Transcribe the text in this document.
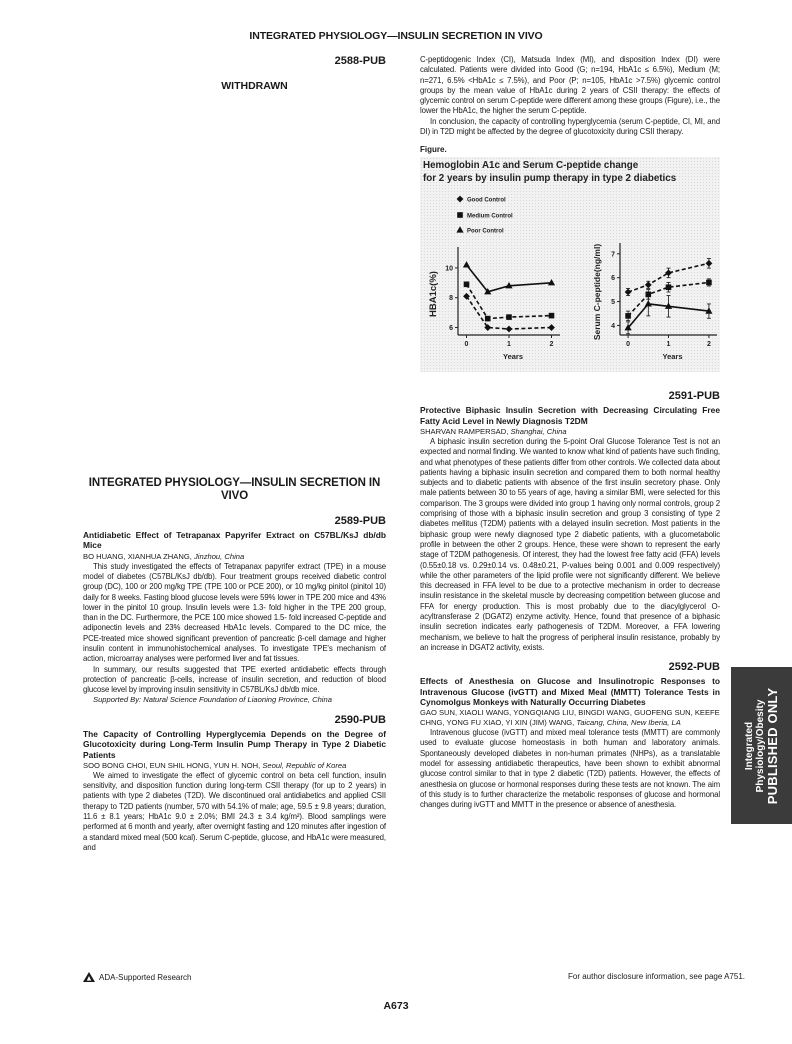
INTEGRATED PHYSIOLOGY—INSULIN SECRETION IN VIVO
2588-PUB
WITHDRAWN
INTEGRATED PHYSIOLOGY—INSULIN SECRETION IN VIVO
2589-PUB
Antidiabetic Effect of Tetrapanax Papyrifer Extract on C57BL/KsJ db/db Mice
BO HUANG, XIANHUA ZHANG, Jinzhou, China

This study investigated the effects of Tetrapanax papyrifer extract (TPE) in a mouse model of diabetes (C57BL/KsJ db/db). Four treatment groups received diabetic control group (DC), 100 or 200 mg/kg TPE (TPE 100 or PCE 200), or 10 mg/kg pinitol (pinitol 10) daily for 8 weeks. Fasting blood glucose levels were 59% lower in TPE 200 mice and 43% lower in the pinitol 10 group. Insulin levels were 1.3- fold higher in the TPE 200 group, than in the DC. Furthermore, the PCE 100 mice showed 1.5- fold increased C-peptide and adiponectin levels and 23% decreased HbA1c levels. Compared to the DC mice, the PCE-treated mice showed significant prevention of pancreatic β-cell damage and higher insulin content in immunohistochemical analyses. To investigate TPE's mechanism of action, microarray analyses were performed liver and fat tissues.

In summary, our results suggested that TPE exerted antidiabetic effects through protection of pancreatic β-cells, increase of insulin secretion, and reduction of blood glucose level by improving insulin sensitivity in C57BL/KsJ db/db mice.

Supported By: Natural Science Foundation of Liaoning Province, China

2590-PUB
The Capacity of Controlling Hyperglycemia Depends on the Degree of Glucotoxicity during Long-Term Insulin Pump Therapy in Type 2 Diabetic Patients
SOO BONG CHOI, EUN SHIL HONG, YUN H. NOH, Seoul, Republic of Korea

We aimed to investigate the effect of glycemic control on beta cell function, insulin sensitivity, and disposition function during long-term CSII therapy (for up to 2 years) in patients with type 2 diabetes (T2D). We discontinued oral antidiabetics and applied CSII therapy to T2D patients (number, 570 with 54.1% of male; age, 59.5 ± 9.8 years; duration, 11.6 ± 8.1 years; HbA1c 9.0 ± 2.0%; BMI 24.3 ± 3.4 kg/m²). Blood samplings were performed at 6 month and yearly, after overnight fasting and 120 minutes after ingestion of a standard mixed meal (500 kcal). Serum C-peptide, glucose, and HbA1c were measured, and

C-peptidogenic Index (CI), Matsuda Index (MI), and disposition Index (DI) were calculated. Patients were divided into Good (G; n=194, HbA1c ≤ 6.5%), Medium (M; n=271, 6.5% <HbA1c ≤ 7.5%), and Poor (P; n=105, HbA1c >7.5%) glycemic control groups by the mean value of HbA1c during 2 years of CSII therapy: the effects of glycemic control on serum C-peptide were different among these groups (Figure), i.e., the lower the HbA1c, the higher the serum C-peptide.

In conclusion, the capacity of controlling hyperglycemia (serum C-peptide, CI, MI, and DI) in T2D might be affected by the degree of glucotoxicity during CSII therapy.

Figure.
Hemoglobin A1c and Serum C-peptide change
for 2 years by insulin pump therapy in type 2 diabetics
Good Control
Medium Control
Poor Control
6
8
10
0	1	2
Years
HBA1c(%)
4
5
6
7
0	1	2
Years
Serum C-peptide(ng/ml)
2591-PUB
Protective Biphasic Insulin Secretion with Decreasing Circulating Free Fatty Acid Level in Newly Diagnosis T2DM
SHARVAN RAMPERSAD, Shanghai, China

A biphasic insulin secretion during the 5-point Oral Glucose Tolerance Test is not an expected and normal finding. We wanted to know what kind of patients have such finding, and what phenotypes of these patients differ from other controls. We collected data about patients having a biphasic insulin secretion and compared them to both normal healthy subjects and to diabetic patients with absence of the first insulin secretory phase. Only male patients between 30 to 55 years of age, having a similar BMI, were selected for this comparison. The 3 groups were divided into group 1 having only normal controls, group 2 comprising of those with a biphasic insulin secretion and group 3 consisting of type 2 diabetes mellitus (T2DM) patients with a delayed insulin secretion. Most patients in the biphasic group were newly diagnosed type 2 diabetic patients, with a glucometabolic profile in between the other 2 groups. Hence, these were shown to represent the early stage of T2DM pathogenesis. Of interest, they had the lowest free fatty acid (FFA) levels (0.55±0.18 vs. 0.29±0.14 vs. 0.48±0.21, P-values being 0.001 and 0.009 respectively) while the other parameters of the lipid profile were not significantly different. We believe this decreased in FFA level to be due to a protective mechanism in order to decrease insulin resistance in the skeletal muscle by decreasing competition between glucose and FFA for energy production. This is most probably due to the diacylglycerol O-acyltransferase 2 (DGAT2) enzyme activity. Hence, found that presence of a biphasic insulin secretion indicates early pathogenesis of T2DM. Moreover, a FFA lowering mechanism, we believe to halt the progress of peripheral insulin resistance, probably by an increase in DGAT2 activity, exists.

2592-PUB
Effects of Anesthesia on Glucose and Insulinotropic Responses to Intravenous Glucose (ivGTT) and Mixed Meal (MMTT) Tolerance Tests in Cynomolgus Monkeys with Naturally Occurring Diabetes
GAO SUN, XIAOLI WANG, YONGQIANG LIU, BINGDI WANG, GUOFENG SUN, KEEFE CHNG, YONG FU XIAO, YI XIN (JIM) WANG, Taicang, China, New Iberia, LA

Intravenous glucose (ivGTT) and mixed meal tolerance tests (MMTT) are commonly used to evaluate glucose homeostasis in both human and laboratory animals. Spontaneously developed diabetes in non-human primates (NHPs), as a translatable model for assessing antidiabetic therapeutics, have been shown to exhibit abnormal glucose control similar to that in type 2 diabetic (T2D) patients. However, the effects of anesthesia on glucose or hormonal responses during these tests are not known. The aim of this study is to further characterize the metabolic responses of glucose and hormonal changes during ivGTT and MMTT in the presence or absence of anesthesia.

ADA-Supported Research	For author disclosure information, see page A751.
A673
Integrated Physiology/Obesity PUBLISHED ONLY
